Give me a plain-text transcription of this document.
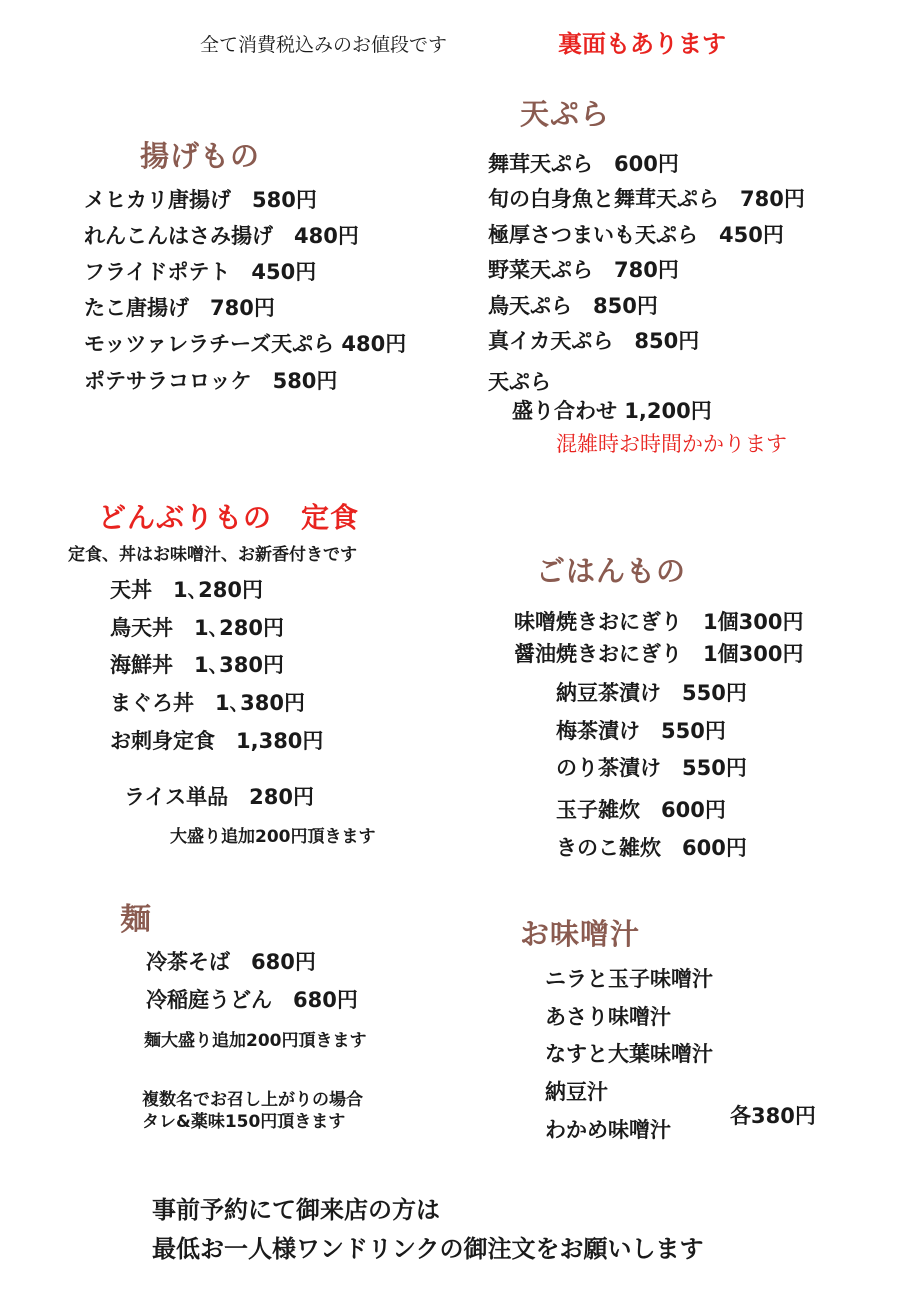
全て消費税込みのお値段です	裏面もあります
揚げもの
メヒカリ唐揚げ　580円
れんこんはさみ揚げ　480円
フライドポテト　450円
たこ唐揚げ　780円
モッツァレラチーズ天ぷら 480円
ポテサラコロッケ　580円
天ぷら
舞茸天ぷら　600円
旬の白身魚と舞茸天ぷら　780円
極厚さつまいも天ぷら　450円
野菜天ぷら　780円
鳥天ぷら　850円
真イカ天ぷら　850円
天ぷら
盛り合わせ 1,200円
混雑時お時間かかります
どんぶりもの　定食
定食、丼はお味噌汁、お新香付きです
天丼　1､280円
鳥天丼　1､280円
海鮮丼　1､380円
まぐろ丼　1､380円
お刺身定食　1,380円
ライス単品　280円
大盛り追加200円頂きます
ごはんもの
味噌焼きおにぎり　1個300円
醤油焼きおにぎり　1個300円
納豆茶漬け　550円
梅茶漬け　550円
のり茶漬け　550円
玉子雑炊　600円
きのこ雑炊　600円
麺
冷茶そば　680円
冷稲庭うどん　680円
麺大盛り追加200円頂きます
複数名でお召し上がりの場合
タレ&薬味150円頂きます
お味噌汁
ニラと玉子味噌汁
あさり味噌汁
なすと大葉味噌汁
納豆汁
わかめ味噌汁
各380円
事前予約にて御来店の方は
最低お一人様ワンドリンクの御注文をお願いします
